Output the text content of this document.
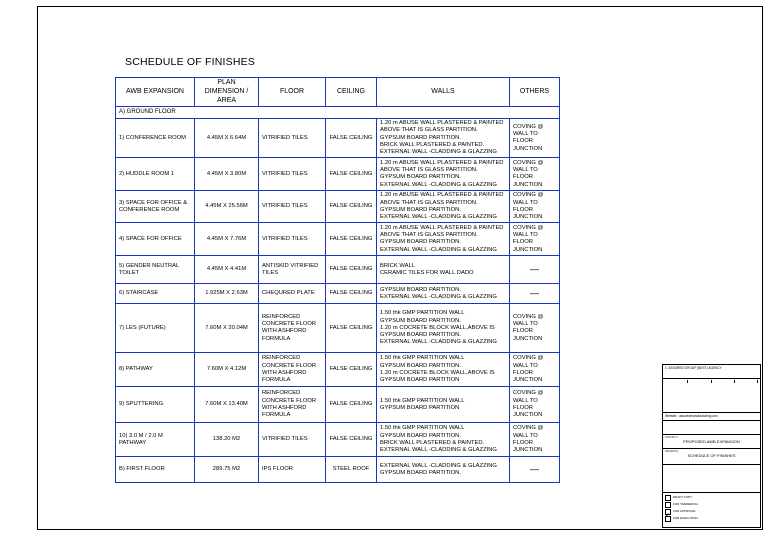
SCHEDULE OF FINISHES
AWB EXPANSION	PLAN DIMENSION / AREA	FLOOR	CEILING	WALLS	OTHERS
A) GROUND FLOOR					
1) CONFERENCE ROOM	4.45M X 6.64M	VITRIFIED TILES	FALSE CEILING	1.20 m ABUSE WALL PLASTERED & PAINTED
ABOVE THAT IS GLASS PARTITION.
GYPSUM BOARD PARTITION.
BRICK WALL PLASTERED & PAINTED.
EXTERNAL WALL -CLADDING & GLAZZING	COVING @ WALL TO FLOOR JUNCTION
2) HUDDLE ROOM 1	4.45M X 3.80M	VITRIFIED TILES	FALSE CEILING	1.20 m ABUSE WALL PLASTERED & PAINTED
ABOVE THAT IS GLASS PARTITION.
GYPSUM BOARD PARTITION.
EXTERNAL WALL -CLADDING & GLAZZING	COVING @ WALL TO FLOOR JUNCTION
3) SPACE FOR OFFICE & CONFERENCE ROOM	4.45M X 25.56M	VITRIFIED TILES	FALSE CEILING	1.20 m ABUSE WALL PLASTERED & PAINTED
ABOVE THAT IS GLASS PARTITION.
GYPSUM BOARD PARTITION.
EXTERNAL WALL -CLADDING & GLAZZING	COVING @ WALL TO FLOOR JUNCTION
4) SPACE FOR OFFICE	4.45M X 7.76M	VITRIFIED TILES	FALSE CEILING	1.20 m ABUSE WALL PLASTERED & PAINTED
ABOVE THAT IS GLASS PARTITION.
GYPSUM BOARD PARTITION.
EXTERNAL WALL -CLADDING & GLAZZING	COVING @ WALL TO FLOOR JUNCTION
5) GENDER NEUTRAL TOILET	4.45M X 4.41M	ANTISKID VITRIFIED TILES	FALSE CEILING	BRICK WALL
CERAMIC TILES FOR WALL DADO	—

6) STAIRCASE	1.925M X 2.63M	CHEQURED PLATE	FALSE CEILING	GYPSUM BOARD PARTITION.
EXTERNAL WALL -CLADDING & GLAZZING	—

7) LES (FUTURE)	7.60M X 20.04M	REINFORCED CONCRETE FLOOR WITH ASHFORD FORMULA	FALSE CEILING	1.50 thk GMP PARTITION WALL
GYPSUM BOARD PARTITION.
1.20 m COCRETE BLOCK WALL,ABOVE IS
GYPSUM BOARD PARTITION.
EXTERNAL WALL -CLADDING & GLAZZING	COVING @ WALL TO FLOOR JUNCTION
8) PATHWAY	7.60M X 4.12M	REINFORCED CONCRETE FLOOR WITH ASHFORD FORMULA	FALSE CEILING	1.50 thk GMP PARTITION WALL
GYPSUM BOARD PARTITION.
1.20 m COCRETE BLOCK WALL,ABOVE IS
GYPSUM BOARD PARTITION	COVING @ WALL TO FLOOR JUNCTION
9) SPUTTERING	7.60M X 13.40M	REINFORCED CONCRETE FLOOR WITH ASHFORD FORMULA	FALSE CEILING	1.50 thk GMP PARTITION WALL
GYPSUM BOARD PARTITION	COVING @ WALL TO FLOOR JUNCTION
10) 3.0 M / 2.0 M PATHWAY	138.20 M2	VITRIFIED TILES	FALSE CEILING	1.50 thk GMP PARTITION WALL
GYPSUM BOARD PARTITION.
BRICK WALL PLASTERED & PAINTED.
EXTERNAL WALL -CLADDING & GLAZZING	COVING @ WALL TO FLOOR JUNCTION
B) FIRST FLOOR	289.75 M2	IPS FLOOR	STEEL ROOF	EXTERNAL WALL -CLADDING & GLAZZING
GYPSUM BOARD PARTITION.	—
1. ASSURED GROUP (BEST) AGENCY

Website : assuredmanufacturing.com
PROJECT
PROPOSED AWB EXPANSION
DRAWING
SCHEDULE OF FINISHES
DRAFT COPY
FOR TENDERING
FOR APPROVAL
✓
FOR EXECUTION
